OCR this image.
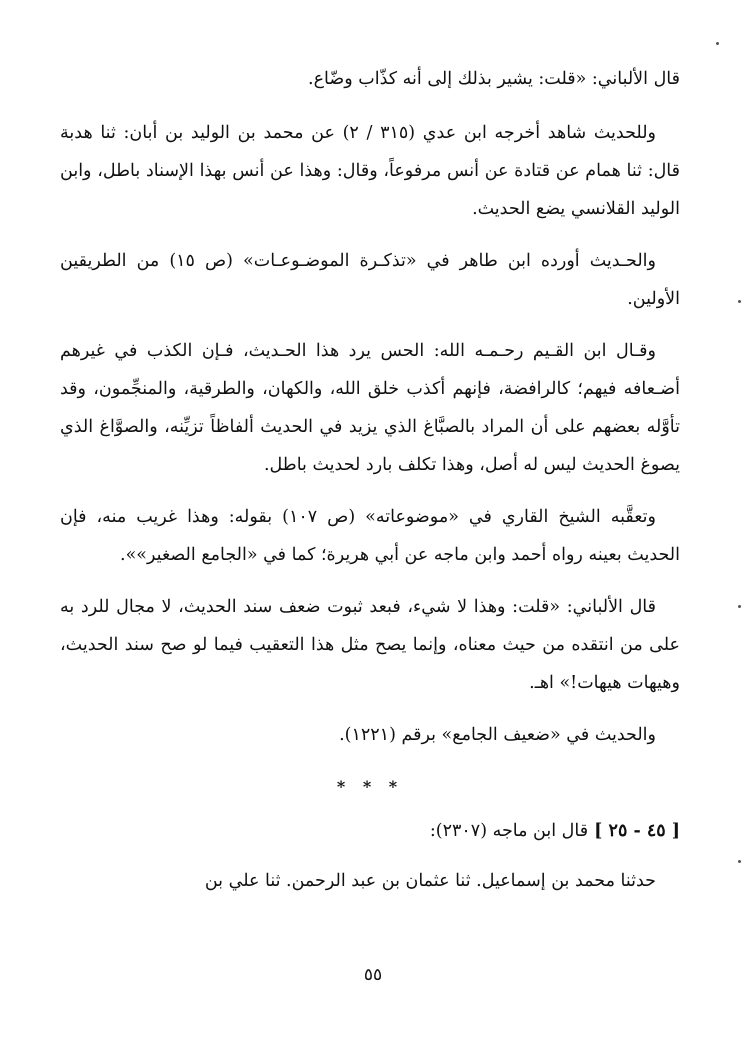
قال الألباني: «قلت: يشير بذلك إلى أنه كذّاب وضّاع.

وللحديث شاهد أخرجه ابن عدي (٣١٥ / ٢) عن محمد بن الوليد بن أبان: ثنا هدبة قال: ثنا همام عن قتادة عن أنس مرفوعاً، وقال: وهذا عن أنس بهذا الإسناد باطل، وابن الوليد القلانسي يضع الحديث.

والحـديث أورده ابن طاهر في «تذكـرة الموضـوعـات» (ص ١٥) من الطريقين الأولين.

وقـال ابن القـيم رحـمـه الله: الحس يرد هذا الحـديث، فـإن الكذب في غيرهم أضـعافه فيهم؛ كالرافضة، فإنهم أكذب خلق الله، والكهان، والطرقية، والمنجِّمون، وقد تأوَّله بعضهم على أن المراد بالصبَّاغ الذي يزيد في الحديث ألفاظاً تزيِّنه، والصوَّاغ الذي يصوغ الحديث ليس له أصل، وهذا تكلف بارد لحديث باطل.

وتعقَّبه الشيخ القاري في «موضوعاته» (ص ١٠٧) بقوله: وهذا غريب منه، فإن الحديث بعينه رواه أحمد وابن ماجه عن أبي هريرة؛ كما في «الجامع الصغير»».

قال الألباني: «قلت: وهذا لا شيء، فبعد ثبوت ضعف سند الحديث، لا مجال للرد به على من انتقده من حيث معناه، وإنما يصح مثل هذا التعقيب فيما لو صح سند الحديث، وهيهات هيهات!» اهـ.

والحديث في «ضعيف الجامع» برقم (١٢٢١).

* * *

[ ٤٥ - ٢٥ ] قال ابن ماجه (٢٣٠٧):

حدثنا محمد بن إسماعيل. ثنا عثمان بن عبد الرحمن. ثنا علي بن

٥٥
